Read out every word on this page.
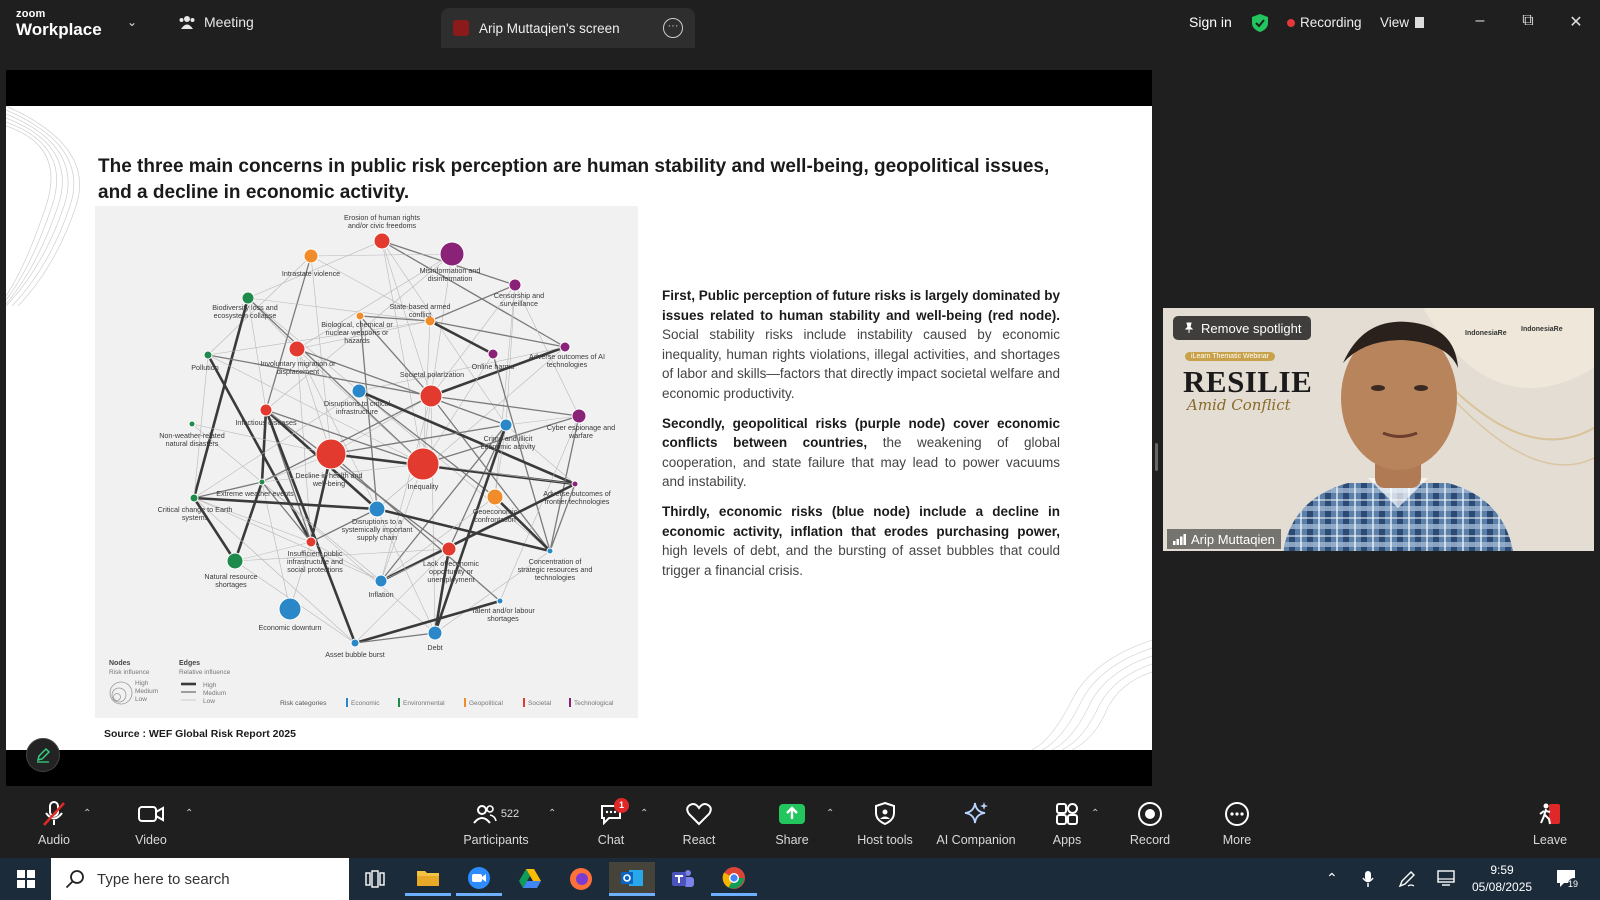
zoom
Workplace ⌄	Meeting	Arip Muttaqien's screen	···	Sign in	Recording View	–	⧉ ✕
The three main concerns in public risk perception are human stability and well-being, geopolitical issues, and a decline in economic activity.
Erosion of human rights and/or civic freedoms
Intrastate violence	Misinformation and disinformation
Censorship and surveillance
Biodiversity loss and ecosystem collapse
State-based armed conflict
Biological, chemical or nuclear weapons or hazards
Adverse outcomes of AI technologies
Pollution	Involuntary migration or displacement
Online harms
Societal polarization
Infectious diseases
Disruptions to critical infrastructure
Cyber espionage and warfare
Non-weather-related natural disasters
Crime and illicit economic activity
Decline in health and well-being	Inequality
Extreme weather events	Adverse outcomes of frontier technologies
Critical change to Earth systems	Disruptions to a systemically important supply chain
Geoeconomic confrontation
Insufficient public infrastructure and social protections
Lack of economic opportunity or unemployment
Concentration of strategic resources and technologies
Natural resource shortages
Inflation
Talent and/or labour shortages
Economic downturn
Debt
Asset bubble burst
Nodes
Risk influence
High
Medium
Low
Edges
Relative influence
High
Medium
Low	Risk categories	Economic	Environmental	Geopolitical	Societal	Technological

First, Public perception of future risks is largely dominated by issues related to human stability and well-being (red node). Social stability risks include instability caused by economic inequality, human rights violations, illegal activities, and shortages of labor and skills—factors that directly impact societal welfare and economic productivity.

Secondly, geopolitical risks (purple node) cover economic conflicts between countries, the weakening of global cooperation, and state failure that may lead to power vacuums and instability.

Thirdly, economic risks (blue node) include a decline in economic activity, inflation that erodes purchasing power, high levels of debt, and the bursting of asset bubbles that could trigger a financial crisis.

Source : WEF Global Risk Report 2025
iLearn Thematic Webinar
RESILIE
Amid Conflict
IndonesiaRe
IndonesiaRe
Remove spotlight
Arip Muttaqien
Audio
⌃
Video
⌃	522
Participants
⌃
1
Chat
⌃
React	Share
⌃
Host tools AI Companion	Apps
⌃
Record	More	Leave
Type here to search	⌃	9:59
05/08/2025	19
